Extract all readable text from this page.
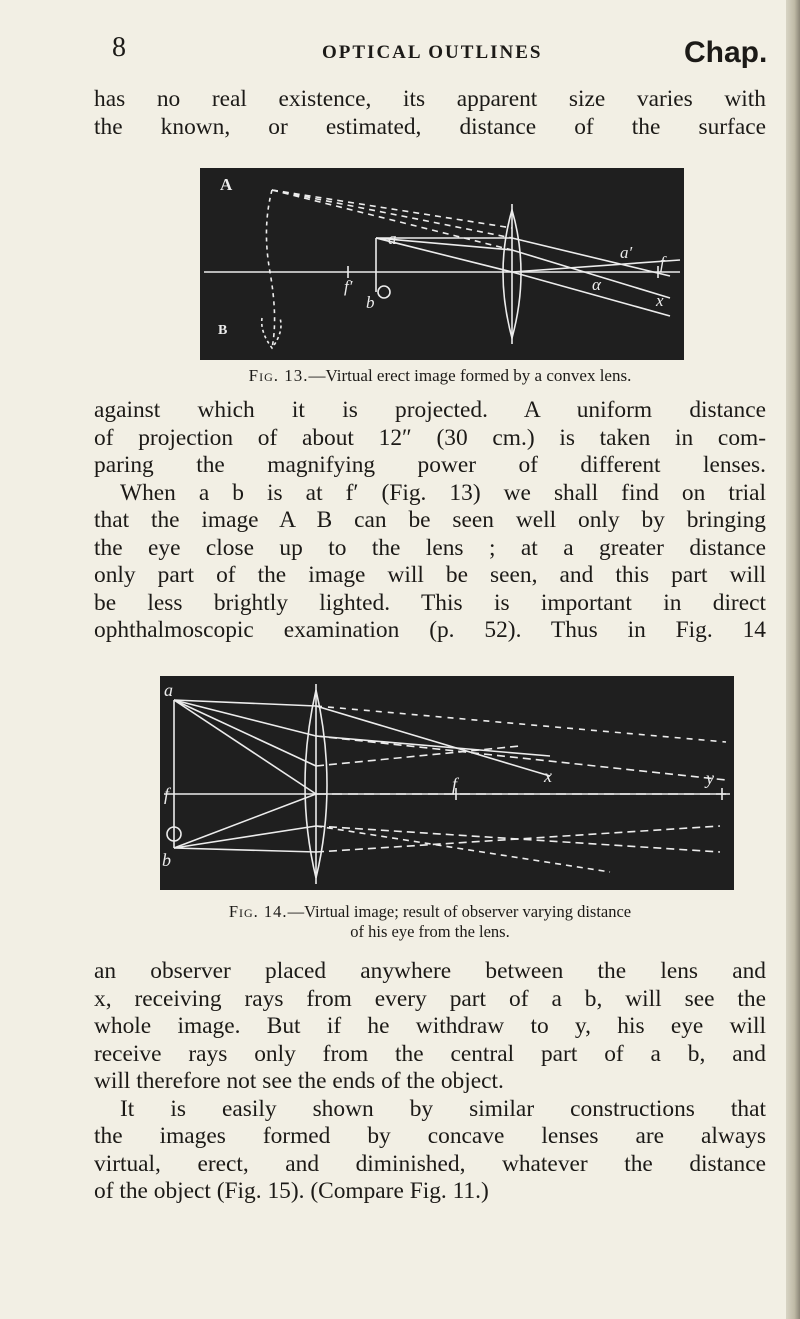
8	OPTICAL OUTLINES	Chap.
has no real existence, its apparent size varies with
the known, or estimated, distance of the surface
A
B
a
f′
b
a′
f
α
x
Fig. 13.—Virtual erect image formed by a convex lens.
against which it is projected. A uniform distance
of projection of about 12″ (30 cm.) is taken in com-
paring the magnifying power of different lenses.
When a b is at f′ (Fig. 13) we shall find on trial
that the image A B can be seen well only by bringing
the eye close up to the lens ; at a greater distance
only part of the image will be seen, and this part will
be less brightly lighted. This is important in direct
ophthalmoscopic examination (p. 52). Thus in Fig. 14
a
b
f	f	x	y
Fig. 14.—Virtual image; result of observer varying distance
of his eye from the lens.
an observer placed anywhere between the lens and
x, receiving rays from every part of a b, will see the
whole image. But if he withdraw to y, his eye will
receive rays only from the central part of a b, and
will therefore not see the ends of the object.
It is easily shown by similar constructions that
the images formed by concave lenses are always
virtual, erect, and diminished, whatever the distance
of the object (Fig. 15). (Compare Fig. 11.)
